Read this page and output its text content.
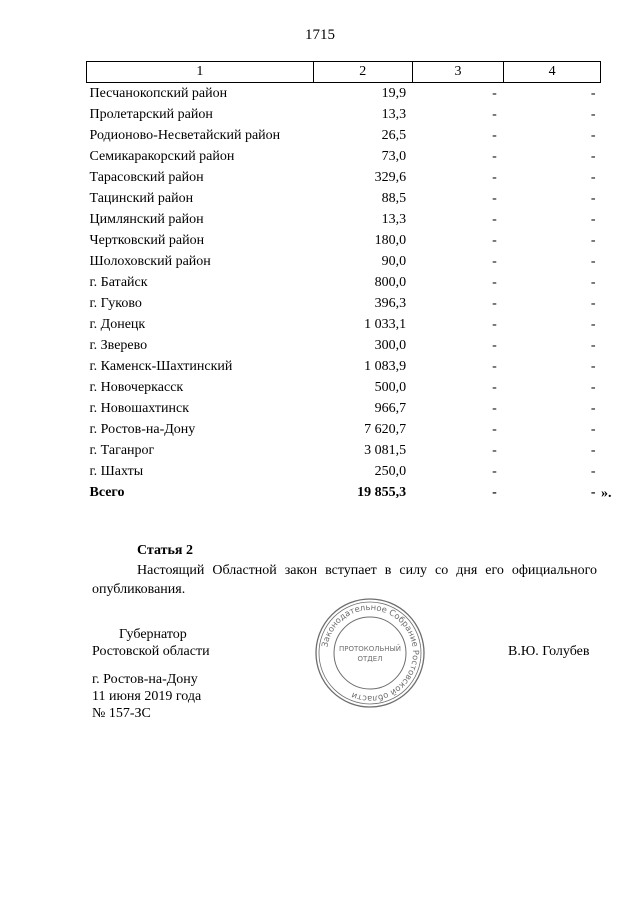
1715
1	2	3	4
Песчанокопский район	19,9	-	-
Пролетарский район	13,3	-	-
Родионово-Несветайский район	26,5	-	-
Семикаракорский район	73,0	-	-
Тарасовский район	329,6	-	-
Тацинский район	88,5	-	-
Цимлянский район	13,3	-	-
Чертковский район	180,0	-	-
Шолоховский район	90,0	-	-
г. Батайск	800,0	-	-
г. Гуково	396,3	-	-
г. Донецк	1 033,1	-	-
г. Зверево	300,0	-	-
г. Каменск-Шахтинский	1 083,9	-	-
г. Новочеркасск	500,0	-	-
г. Новошахтинск	966,7	-	-
г. Ростов-на-Дону	7 620,7	-	-
г. Таганрог	3 081,5	-	-
г. Шахты	250,0	-	-
Всего	19 855,3	-	- ».
Статья 2
Настоящий Областной закон вступает в силу со дня его официального опубликования.
Губернатор
Ростовской области	В.Ю. Голубев
Законодательное Собрание Ростовской области
ПРОТОКОЛЬНЫЙ
ОТДЕЛ
г. Ростов-на-Дону
11 июня 2019 года
№ 157-ЗС
